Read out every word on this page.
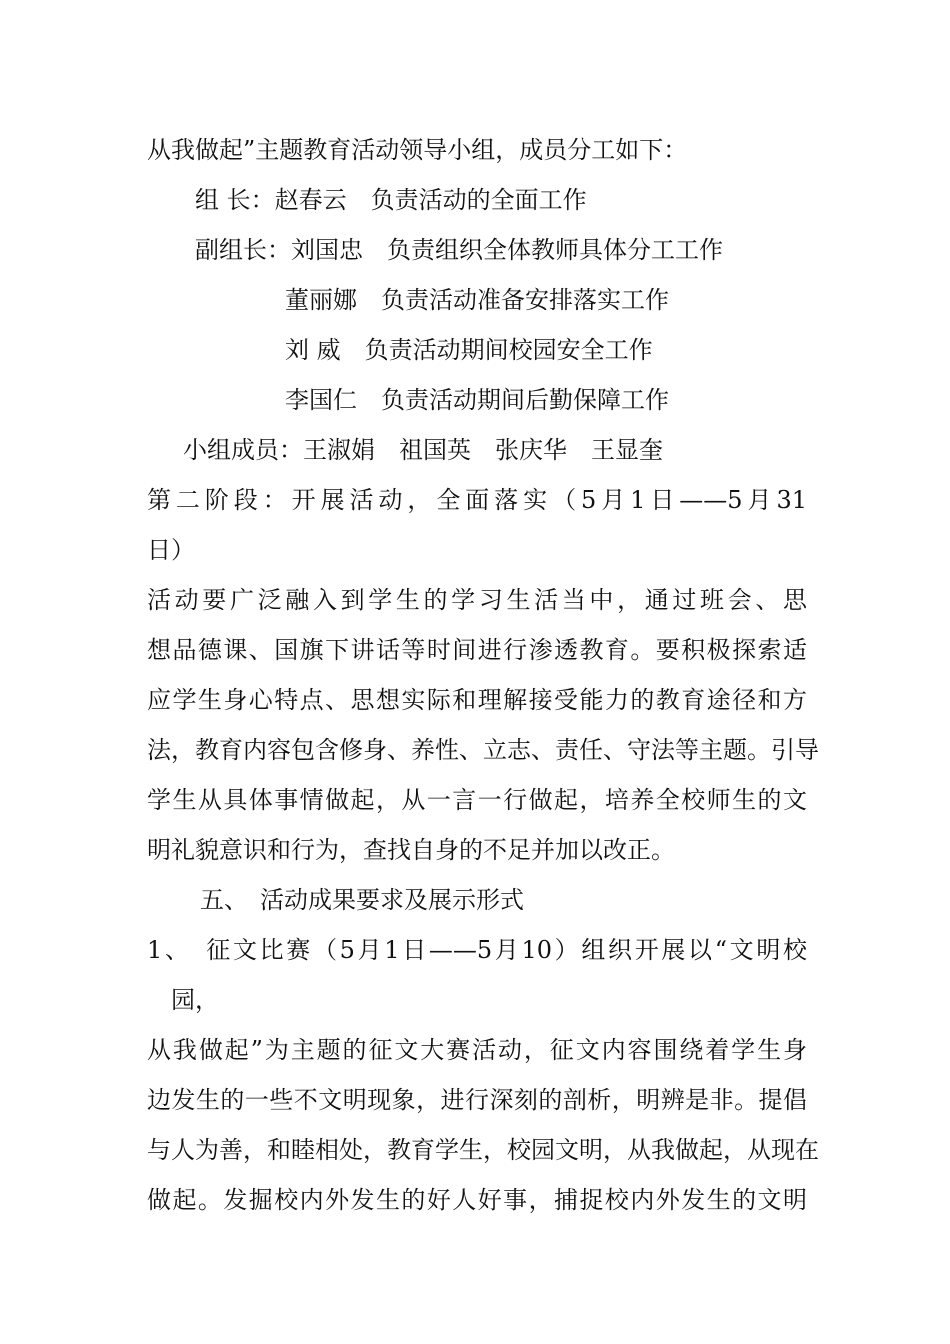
从我做起”主题教育活动领导小组，成员分工如下：
组 长：赵春云　负责活动的全面工作
副组长：刘国忠　负责组织全体教师具体分工工作
董丽娜　负责活动准备安排落实工作
刘 威　负责活动期间校园安全工作
李国仁　负责活动期间后勤保障工作
小组成员：王淑娟　祖国英　张庆华　王显奎
第二阶段：开展活动，全面落实（5月1日——5月31
日）
活动要广泛融入到学生的学习生活当中，通过班会、思
想品德课、国旗下讲话等时间进行渗透教育。要积极探索适
应学生身心特点、思想实际和理解接受能力的教育途径和方
法，教育内容包含修身、养性、立志、责任、守法等主题。引导
学生从具体事情做起，从一言一行做起，培养全校师生的文
明礼貌意识和行为，查找自身的不足并加以改正。
五、　活动成果要求及展示形式
1、　征文比赛（5月1日——5月10）组织开展以“文明校
园，
从我做起”为主题的征文大赛活动，征文内容围绕着学生身
边发生的一些不文明现象，进行深刻的剖析，明辨是非。提倡
与人为善，和睦相处，教育学生，校园文明，从我做起，从现在
做起。发掘校内外发生的好人好事，捕捉校内外发生的文明
